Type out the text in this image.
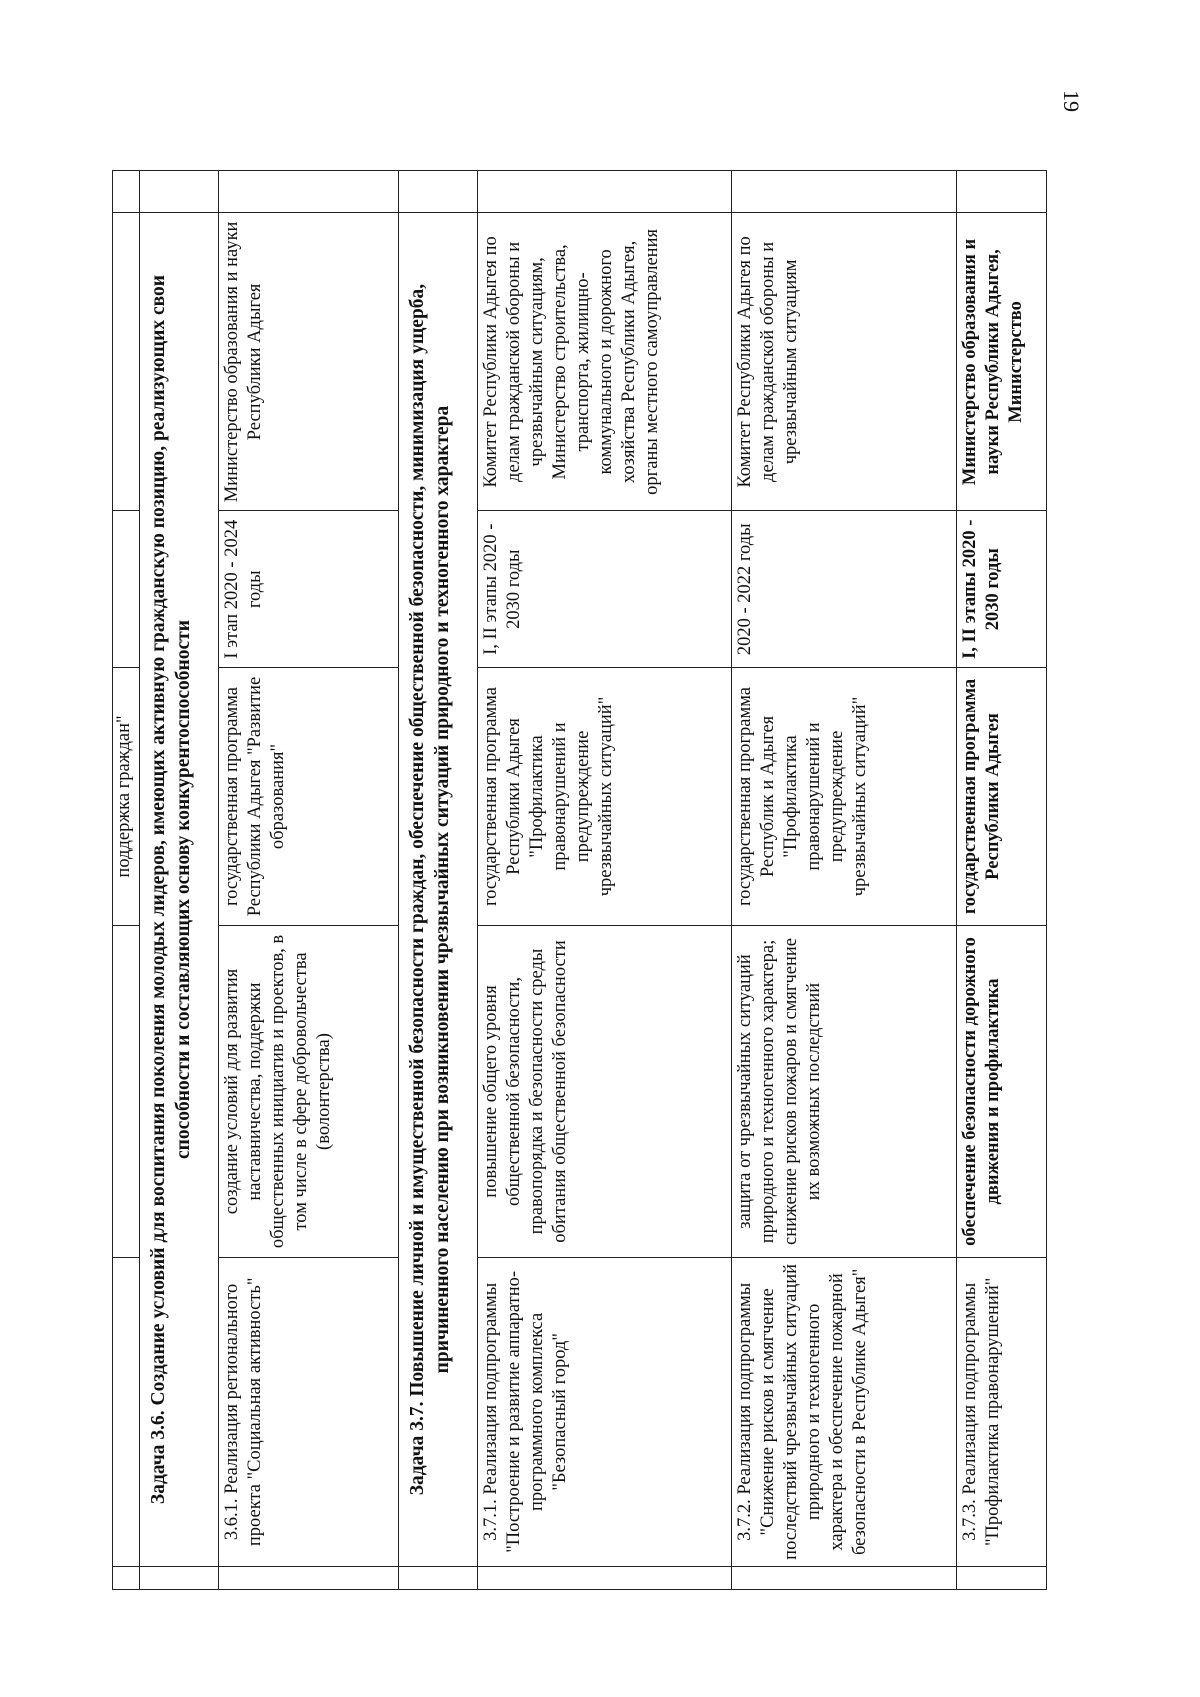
19
			поддержка граждан"			
	Задача 3.6. Создание условий для воспитания поколения молодых лидеров, имеющих активную гражданскую позицию, реализующих свои способности и составляющих основу конкурентоспособности					
	3.6.1. Реализация регионального проекта "Социальная активность"	создание условий для развития наставничества, поддержки общественных инициатив и проектов, в том числе в сфере добровольчества (волонтерства)	государственная программа Республики Адыгея "Развитие образования"	I этап 2020 - 2024 годы	Министерство образования и науки Республики Адыгея	
	Задача 3.7. Повышение личной и имущественной безопасности граждан, обеспечение общественной безопасности, минимизация ущерба, причиненного населению при возникновении чрезвычайных ситуаций природного и техногенного характера					
	3.7.1. Реализация подпрограммы "Построение и развитие аппаратно-программного комплекса "Безопасный город"	повышение общего уровня общественной безопасности, правопорядка и безопасности среды обитания общественной безопасности	государственная программа Республики Адыгея "Профилактика правонарушений и предупреждение чрезвычайных ситуаций"	I, II этапы 2020 - 2030 годы	Комитет Республики Адыгея по делам гражданской обороны и чрезвычайным ситуациям, Министерство строительства, транспорта, жилищно-коммунального и дорожного хозяйства Республики Адыгея, органы местного самоуправления	
	3.7.2. Реализация подпрограммы "Снижение рисков и смягчение последствий чрезвычайных ситуаций природного и техногенного характера и обеспечение пожарной безопасности в Республике Адыгея"	защита от чрезвычайных ситуаций природного и техногенного характера; снижение рисков пожаров и смягчение их возможных последствий	государственная программа Республик и Адыгея "Профилактика правонарушений и предупреждение чрезвычайных ситуаций"	2020 - 2022 годы	Комитет Республики Адыгея по делам гражданской обороны и чрезвычайным ситуациям	
	3.7.3. Реализация подпрограммы "Профилактика правонарушений"	обеспечение безопасности дорожного движения и профилактика	государственная программа Республики Адыгея	I, II этапы 2020 - 2030 годы	Министерство образования и науки Республики Адыгея, Министерство	
